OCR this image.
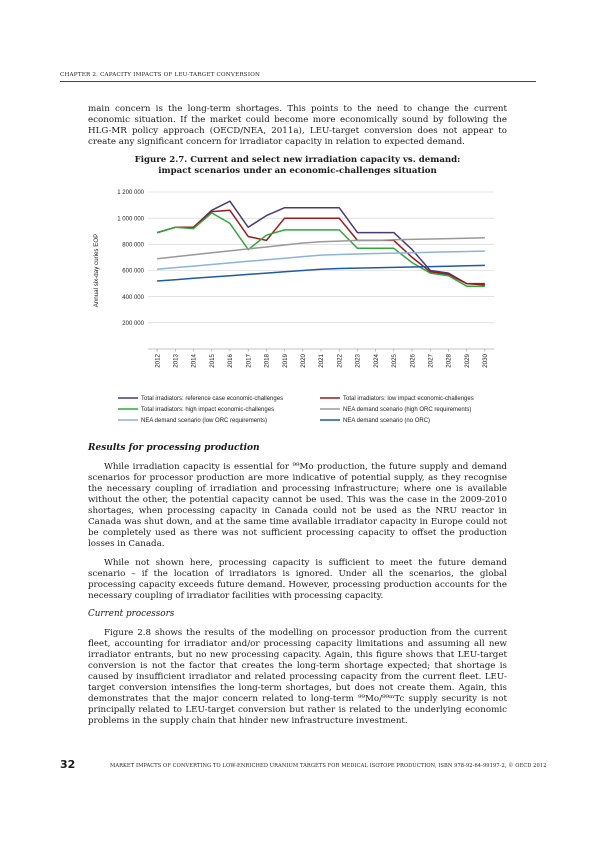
CHAPTER 2. CAPACITY IMPACTS OF LEU-TARGET CONVERSION

main concern is the long-term shortages. This points to the need to change the current economic situation. If the market could become more economically sound by following the HLG-MR policy approach (OECD/NEA, 2011a), LEU-target conversion does not appear to create any significant concern for irradiator capacity in relation to expected demand.

Figure 2.7. Current and select new irradiation capacity vs. demand:
impact scenarios under an economic-challenges situation
200 000
400 000
600 000
800 000
1 000 000
1 200 000
Annual six-day curies EOP
2012 2013 2014 2015 2016 2017 2018 2019 2020 2021 2022 2023 2024 2025 2026 2027 2028 2029 2030
Total irradiators: reference case economic-challenges	Total irradiators: low impact economic-challenges
Total irradiators: high impact economic-challenges	NEA demand scenario (high ORC requirements)
NEA demand scenario (low ORC requirements)	NEA demand scenario (no ORC)
Results for processing production

While irradiation capacity is essential for ⁹⁹Mo production, the future supply and demand scenarios for processor production are more indicative of potential supply, as they recognise the necessary coupling of irradiation and processing infrastructure; where one is available without the other, the potential capacity cannot be used. This was the case in the 2009-2010 shortages, when processing capacity in Canada could not be used as the NRU reactor in Canada was shut down, and at the same time available irradiator capacity in Europe could not be completely used as there was not sufficient processing capacity to offset the production losses in Canada.

While not shown here, processing capacity is sufficient to meet the future demand scenario – if the location of irradiators is ignored. Under all the scenarios, the global processing capacity exceeds future demand. However, processing production accounts for the necessary coupling of irradiator facilities with processing capacity.

Current processors

Figure 2.8 shows the results of the modelling on processor production from the current fleet, accounting for irradiator and/or processing capacity limitations and assuming all new irradiator entrants, but no new processing capacity. Again, this figure shows that LEU-target conversion is not the factor that creates the long-term shortage expected; that shortage is caused by insufficient irradiator and related processing capacity from the current fleet. LEU-target conversion intensifies the long-term shortages, but does not create them. Again, this demonstrates that the major concern related to long-term ⁹⁹Mo/⁹⁹ᵐTc supply security is not principally related to LEU-target conversion but rather is related to the underlying economic problems in the supply chain that hinder new infrastructure investment.

32	MARKET IMPACTS OF CONVERTING TO LOW-ENRICHED URANIUM TARGETS FOR MEDICAL ISOTOPE PRODUCTION, ISBN 978-92-64-99197-2, © OECD 2012
